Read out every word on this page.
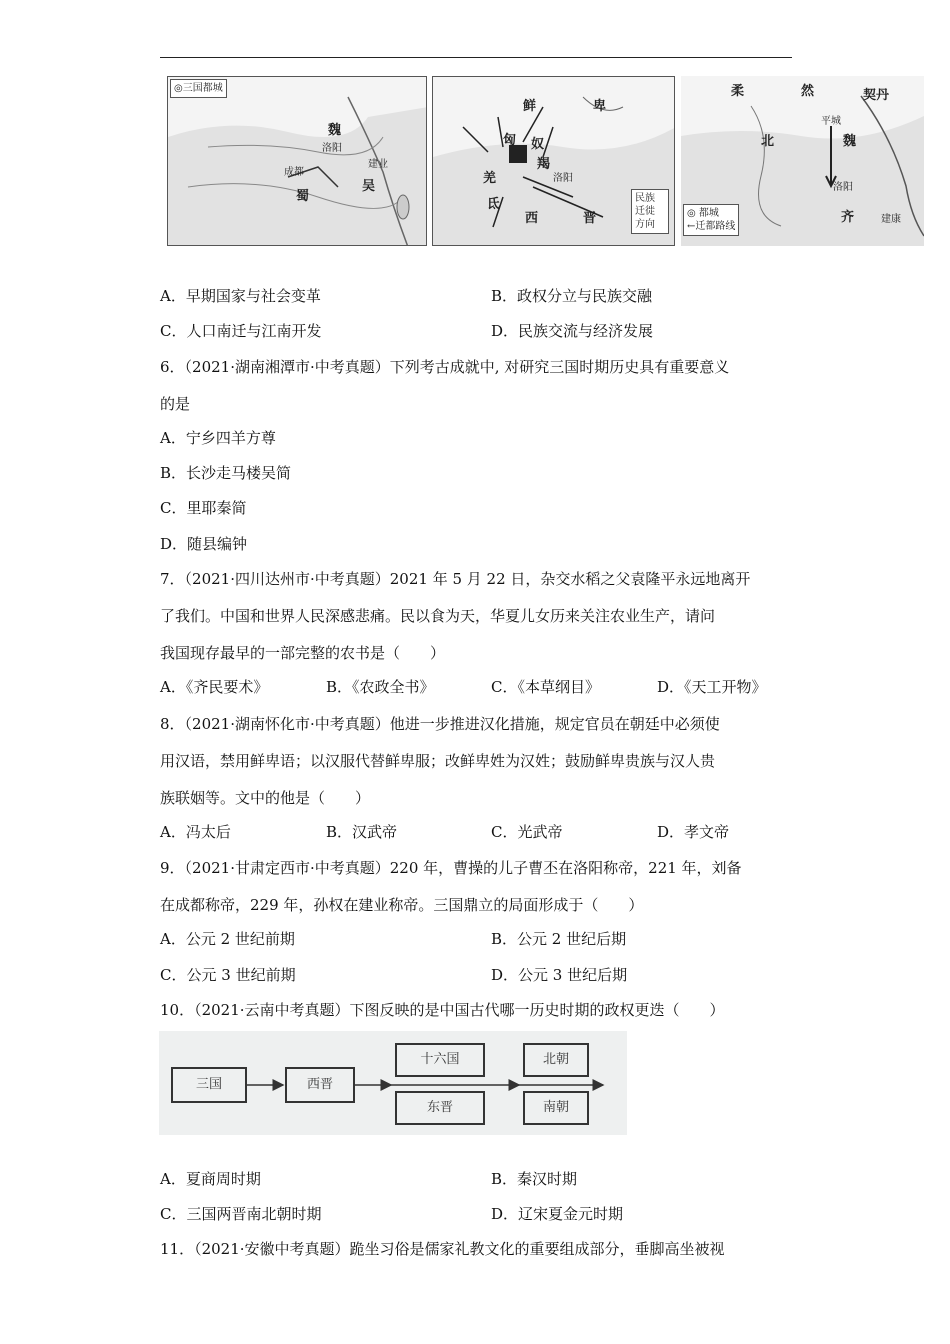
◎三国都城
魏
洛阳
成都
建业
蜀
吴
鲜	卑
匈 奴
羯
羌
氐
洛阳
西	晋
民族
迁徙
方向
柔	然	契丹
北
平城
魏
洛阳
齐	建康
◎ 都城
←迁都路线
A．早期国家与社会变革	B．政权分立与民族交融
C．人口南迁与江南开发	D．民族交流与经济发展
6．（2021·湖南湘潭市·中考真题）下列考古成就中, 对研究三国时期历史具有重要意义
的是
A．宁乡四羊方尊
B．长沙走马楼吴简
C．里耶秦简
D．随县编钟
7．（2021·四川达州市·中考真题）2021 年 5 月 22 日，杂交水稻之父袁隆平永远地离开
了我们。中国和世界人民深感悲痛。民以食为天，华夏儿女历来关注农业生产，请问
我国现存最早的一部完整的农书是（　　）
A．《齐民要术》	B．《农政全书》	C．《本草纲目》	D．《天工开物》
8．（2021·湖南怀化市·中考真题）他进一步推进汉化措施，规定官员在朝廷中必须使
用汉语，禁用鲜卑语；以汉服代替鲜卑服；改鲜卑姓为汉姓；鼓励鲜卑贵族与汉人贵
族联姻等。文中的他是（　　）
A．冯太后	B．汉武帝	C．光武帝	D．孝文帝
9．（2021·甘肃定西市·中考真题）220 年，曹操的儿子曹丕在洛阳称帝，221 年，刘备
在成都称帝，229 年，孙权在建业称帝。三国鼎立的局面形成于（　　）
A．公元 2 世纪前期	B．公元 2 世纪后期
C．公元 3 世纪前期	D．公元 3 世纪后期
10．（2021·云南中考真题）下图反映的是中国古代哪一历史时期的政权更迭（　　）
三国	西晋
十六国
东晋
北朝
南朝
A．夏商周时期	B．秦汉时期
C．三国两晋南北朝时期	D．辽宋夏金元时期
11．（2021·安徽中考真题）跪坐习俗是儒家礼教文化的重要组成部分，垂脚高坐被视
